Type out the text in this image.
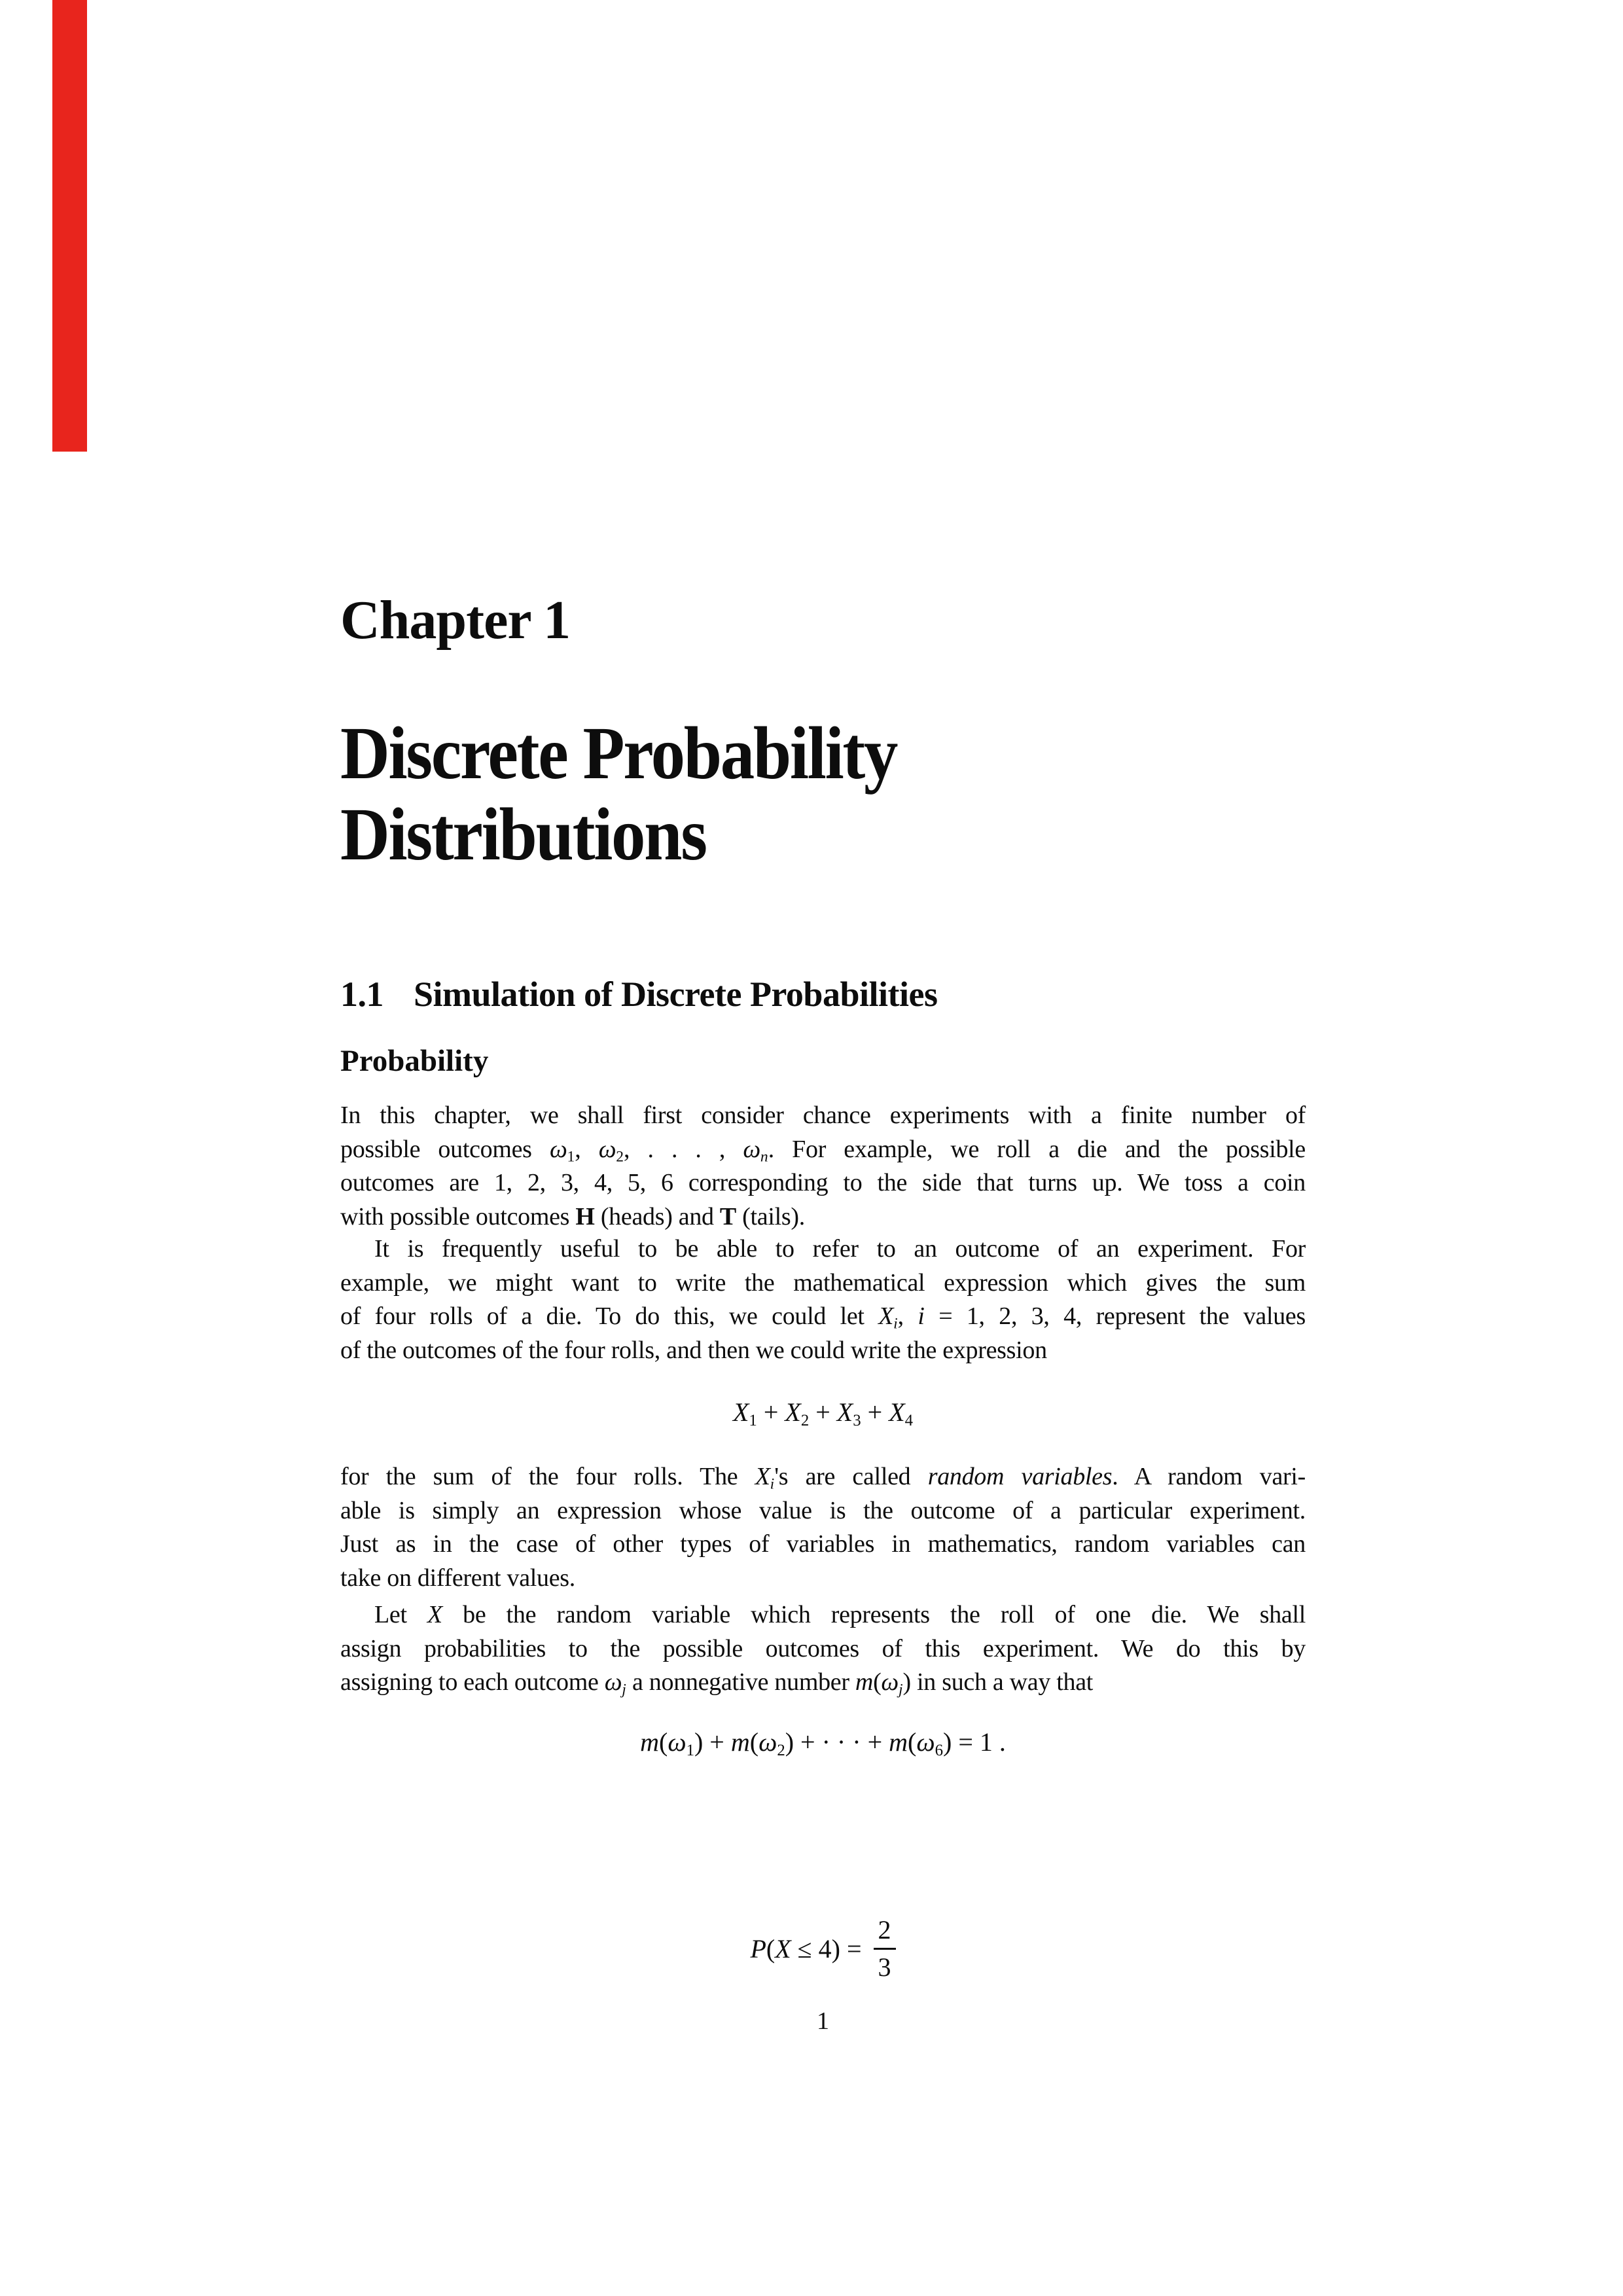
Chapter 1
Discrete Probability
Distributions
1.1 Simulation of Discrete Probabilities
Probability
In this chapter, we shall first consider chance experiments with a finite number of
possible outcomes $\omega_1$, $\omega_2$, . . . , $\omega_n$. For example, we roll a die and the possible
outcomes are 1, 2, 3, 4, 5, 6 corresponding to the side that turns up. We toss a coin
with possible outcomes H (heads) and T (tails).
It is frequently useful to be able to refer to an outcome of an experiment. For
example, we might want to write the mathematical expression which gives the sum
of four rolls of a die. To do this, we could let $X_i$, i = 1, 2, 3, 4, represent the values
of the outcomes of the four rolls, and then we could write the expression
$X_1 + X_2 + X_3 + X_4$
for the sum of the four rolls. The $X_i's$ are called random variables. A random vari-
able is simply an expression whose value is the outcome of a particular experiment.
Just as in the case of other types of variables in mathematics, random variables can
take on different values.
Let X be the random variable which represents the roll of one die. We shall
assign probabilities to the possible outcomes of this experiment. We do this by
assigning to each outcome $\omega_j$ a nonnegative number $m(\omega_j)$ in such a way that
$m(\omega_1) + m(\omega_2)$ + · · · + $m(\omega_6) = 1$ .
$P(X \le 4) = \frac{2}{3}$
1
